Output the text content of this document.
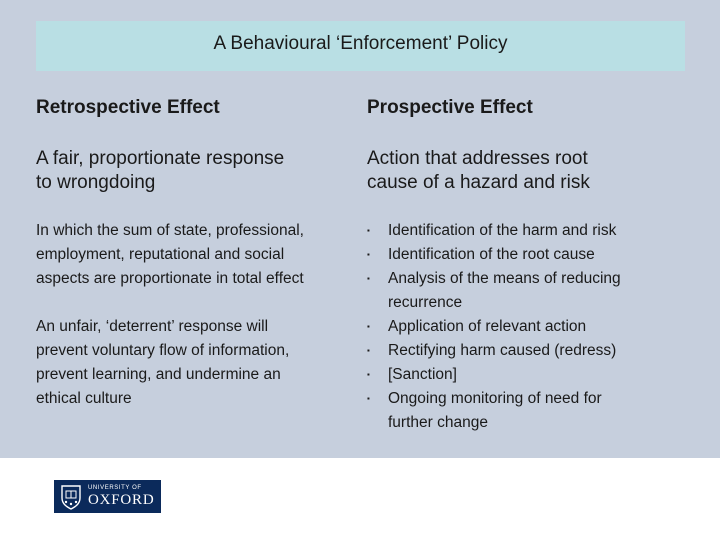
A Behavioural ‘Enforcement’ Policy
Retrospective Effect	Prospective Effect
A fair, proportionate response
to wrongdoing
Action that addresses root
cause of a hazard and risk
In which the sum of state, professional,
employment, reputational and social
aspects are proportionate in total effect
An unfair, ‘deterrent’ response will
prevent voluntary flow of information,
prevent learning, and undermine an
ethical culture
▪ Identification of the harm and risk
▪ Identification of the root cause
▪ Analysis of the means of reducing
recurrence
▪ Application of relevant action
▪ Rectifying harm caused (redress)
▪ [Sanction]
▪ Ongoing monitoring of need for
further change
UNIVERSITY OF
OXFORD
